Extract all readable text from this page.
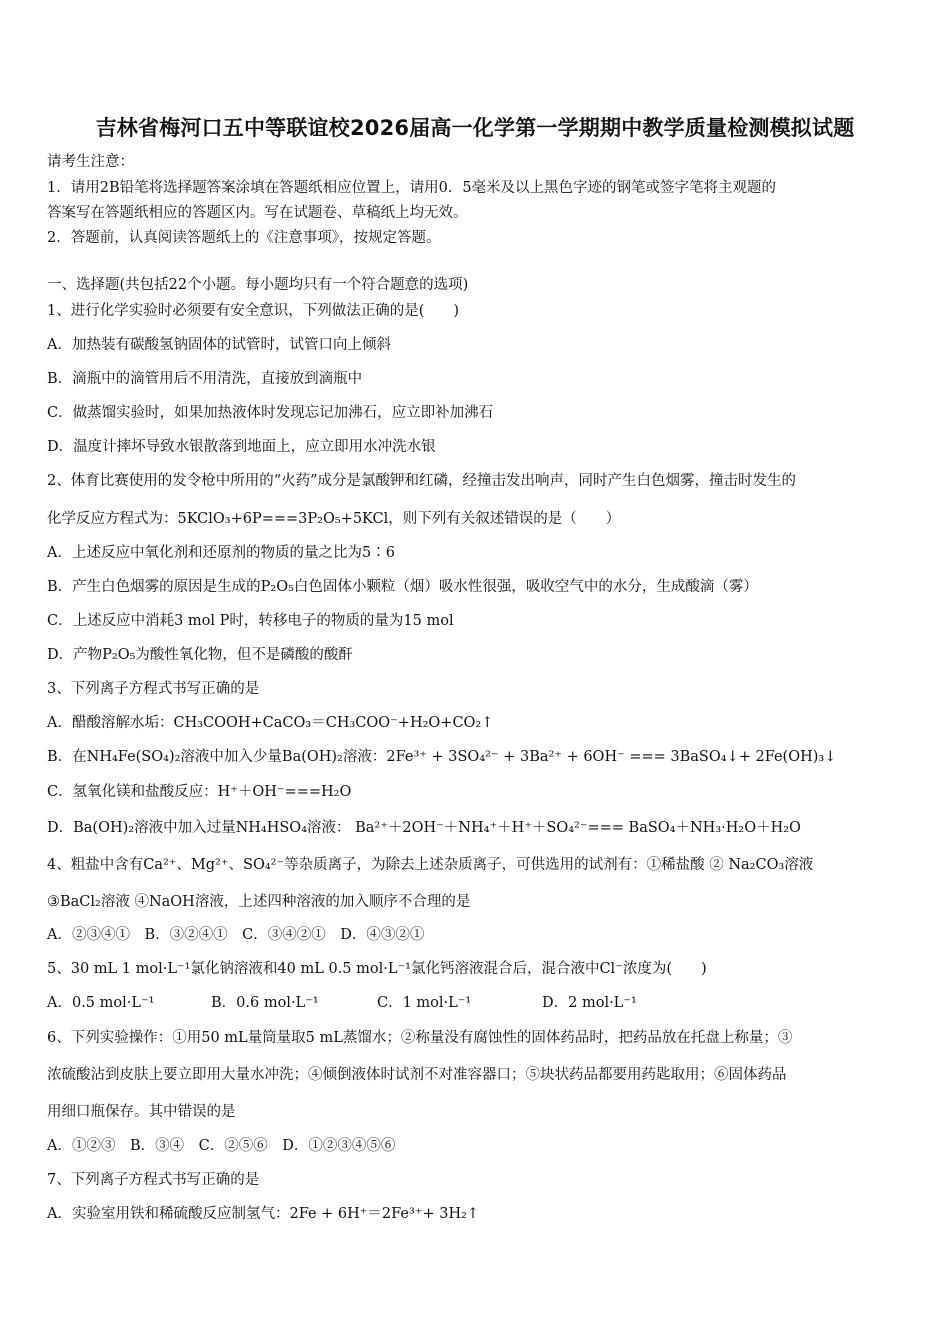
吉林省梅河口五中等联谊校2026届高一化学第一学期期中教学质量检测模拟试题
请考生注意：
1．请用2B铅笔将选择题答案涂填在答题纸相应位置上，请用0．5毫米及以上黑色字迹的钢笔或签字笔将主观题的
答案写在答题纸相应的答题区内。写在试题卷、草稿纸上均无效。
2．答题前，认真阅读答题纸上的《注意事项》，按规定答题。
一、选择题(共包括22个小题。每小题均只有一个符合题意的选项)
1、进行化学实验时必须要有安全意识，下列做法正确的是(　　)
A．加热装有碳酸氢钠固体的试管时，试管口向上倾斜
B．滴瓶中的滴管用后不用清洗，直接放到滴瓶中
C．做蒸馏实验时，如果加热液体时发现忘记加沸石，应立即补加沸石
D．温度计摔坏导致水银散落到地面上，应立即用水冲洗水银
2、体育比赛使用的发令枪中所用的“火药”成分是氯酸钾和红磷，经撞击发出响声，同时产生白色烟雾，撞击时发生的
化学反应方程式为：5KClO₃+6P===3P₂O₅+5KCl，则下列有关叙述错误的是（　　）
A．上述反应中氧化剂和还原剂的物质的量之比为5∶6
B．产生白色烟雾的原因是生成的P₂O₅白色固体小颗粒（烟）吸水性很强，吸收空气中的水分，生成酸滴（雾）
C．上述反应中消耗3 mol P时，转移电子的物质的量为15 mol
D．产物P₂O₅为酸性氧化物，但不是磷酸的酸酐
3、下列离子方程式书写正确的是
A．醋酸溶解水垢：CH₃COOH+CaCO₃＝CH₃COO⁻+H₂O+CO₂↑
B．在NH₄Fe(SO₄)₂溶液中加入少量Ba(OH)₂溶液：2Fe³⁺ + 3SO₄²⁻ + 3Ba²⁺ + 6OH⁻ === 3BaSO₄↓+ 2Fe(OH)₃↓
C．氢氧化镁和盐酸反应：H⁺＋OH⁻===H₂O
D．Ba(OH)₂溶液中加入过量NH₄HSO₄溶液： Ba²⁺＋2OH⁻＋NH₄⁺＋H⁺＋SO₄²⁻=== BaSO₄＋NH₃·H₂O＋H₂O
4、粗盐中含有Ca²⁺、Mg²⁺、SO₄²⁻等杂质离子，为除去上述杂质离子，可供选用的试剂有：①稀盐酸 ② Na₂CO₃溶液
③BaCl₂溶液 ④NaOH溶液，上述四种溶液的加入顺序不合理的是
A．②③④①　B．③②④①　C．③④②①　D．④③②①
5、30 mL 1 mol·L⁻¹氯化钠溶液和40 mL 0.5 mol·L⁻¹氯化钙溶液混合后，混合液中Cl⁻浓度为(　　)
A．0.5 mol·L⁻¹	B．0.6 mol·L⁻¹	C．1 mol·L⁻¹	D．2 mol·L⁻¹
6、下列实验操作：①用50 mL量筒量取5 mL蒸馏水；②称量没有腐蚀性的固体药品时，把药品放在托盘上称量；③
浓硫酸沾到皮肤上要立即用大量水冲洗；④倾倒液体时试剂不对准容器口；⑤块状药品都要用药匙取用；⑥固体药品
用细口瓶保存。其中错误的是
A．①②③　B．③④　C．②⑤⑥　D．①②③④⑤⑥
7、下列离子方程式书写正确的是
A．实验室用铁和稀硫酸反应制氢气：2Fe + 6H⁺＝2Fe³⁺+ 3H₂↑
